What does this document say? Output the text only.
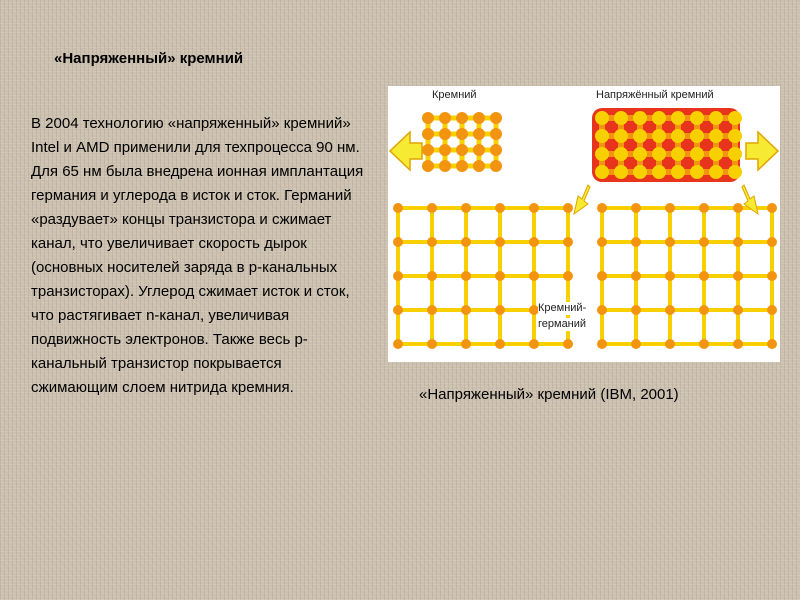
«Напряженный» кремний

В 2004 технологию «напряженный» кремний» Intel и AMD применили для техпроцесса 90 нм. Для 65 нм была внедрена ионная имплантация германия и углерода в исток и сток. Германий «раздувает» концы транзистора и сжимает канал, что увеличивает скорость дырок (основных носителей заряда в p-канальных транзисторах). Углерод сжимает исток и сток, что растягивает n-канал, увеличивая подвижность электронов. Также весь p-канальный транзистор покрывается сжимающим слоем нитрида кремния.

Кремний	Напряжённый кремний
Кремний-
германий

«Напряженный» кремний (IBM, 2001)
